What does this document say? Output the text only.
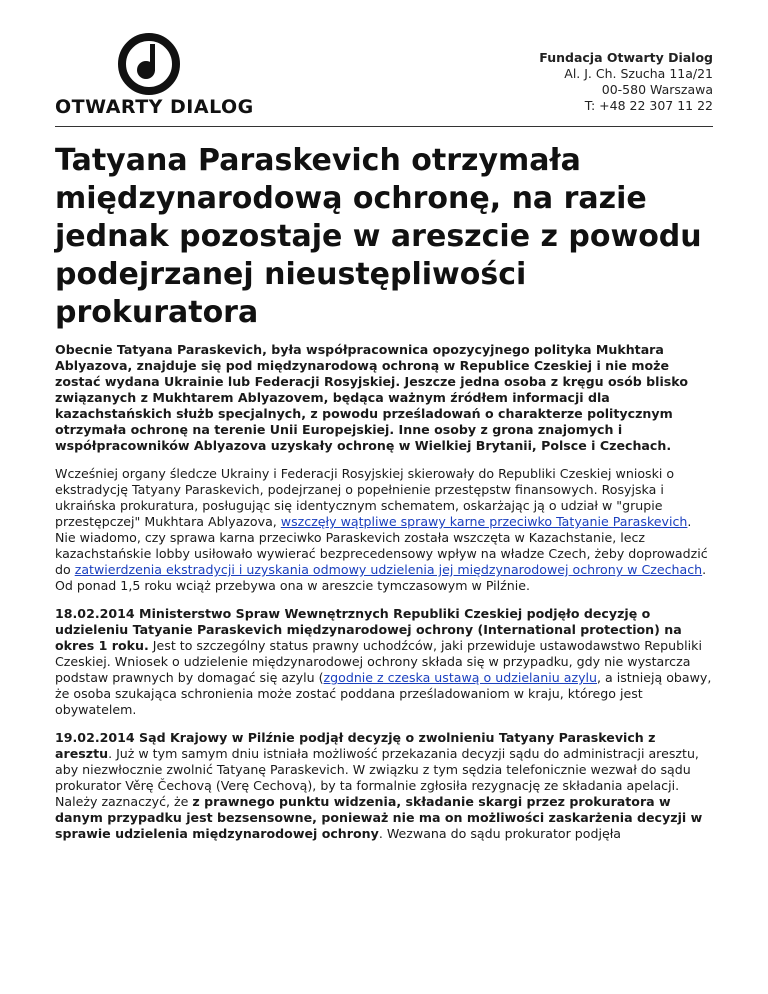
OTWARTY DIALOG
Fundacja Otwarty Dialog
Al. J. Ch. Szucha 11a/21
00-580 Warszawa
T: +48 22 307 11 22
Tatyana Paraskevich otrzymała międzynarodową ochronę, na razie jednak pozostaje w areszcie z powodu podejrzanej nieustępliwości prokuratora

Obecnie Tatyana Paraskevich, była współpracownica opozycyjnego polityka Mukhtara Ablyazova, znajduje się pod międzynarodową ochroną w Republice Czeskiej i nie może zostać wydana Ukrainie lub Federacji Rosyjskiej. Jeszcze jedna osoba z kręgu osób blisko związanych z Mukhtarem Ablyazovem, będąca ważnym źródłem informacji dla kazachstańskich służb specjalnych, z powodu prześladowań o charakterze politycznym otrzymała ochronę na terenie Unii Europejskiej. Inne osoby z grona znajomych i współpracowników Ablyazova uzyskały ochronę w Wielkiej Brytanii, Polsce i Czechach.

Wcześniej organy śledcze Ukrainy i Federacji Rosyjskiej skierowały do Republiki Czeskiej wnioski o ekstradycję Tatyany Paraskevich, podejrzanej o popełnienie przestępstw finansowych. Rosyjska i ukraińska prokuratura, posługując się identycznym schematem, oskarżając ją o udział w "grupie przestępczej" Mukhtara Ablyazova, wszczęły wątpliwe sprawy karne przeciwko Tatyanie Paraskevich. Nie wiadomo, czy sprawa karna przeciwko Paraskevich została wszczęta w Kazachstanie, lecz kazachstańskie lobby usiłowało wywierać bezprecedensowy wpływ na władze Czech, żeby doprowadzić do zatwierdzenia ekstradycji i uzyskania odmowy udzielenia jej międzynarodowej ochrony w Czechach. Od ponad 1,5 roku wciąż przebywa ona w areszcie tymczasowym w Pilźnie.

18.02.2014 Ministerstwo Spraw Wewnętrznych Republiki Czeskiej podjęło decyzję o udzieleniu Tatyanie Paraskevich międzynarodowej ochrony (International protection) na okres 1 roku. Jest to szczególny status prawny uchodźców, jaki przewiduje ustawodawstwo Republiki Czeskiej. Wniosek o udzielenie międzynarodowej ochrony składa się w przypadku, gdy nie wystarcza podstaw prawnych by domagać się azylu (zgodnie z czeska ustawą o udzielaniu azylu, a istnieją obawy, że osoba szukająca schronienia może zostać poddana prześladowaniom w kraju, którego jest obywatelem.

19.02.2014 Sąd Krajowy w Pilźnie podjął decyzję o zwolnieniu Tatyany Paraskevich z aresztu. Już w tym samym dniu istniała możliwość przekazania decyzji sądu do administracji aresztu, aby niezwłocznie zwolnić Tatyanę Paraskevich. W związku z tym sędzia telefonicznie wezwał do sądu prokurator Věrę Čechovą (Verę Cechovą), by ta formalnie zgłosiła rezygnację ze składania apelacji. Należy zaznaczyć, że z prawnego punktu widzenia, składanie skargi przez prokuratora w danym przypadku jest bezsensowne, ponieważ nie ma on możliwości zaskarżenia decyzji w sprawie udzielenia międzynarodowej ochrony. Wezwana do sądu prokurator podjęła
